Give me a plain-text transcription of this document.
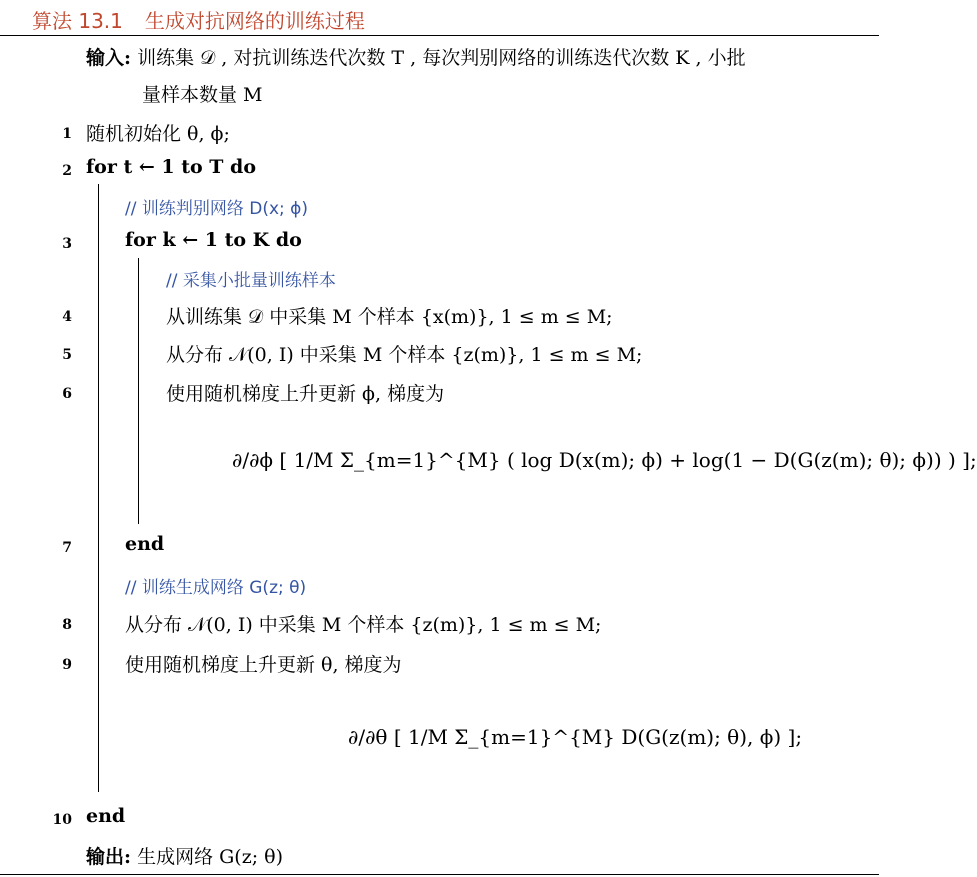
算法 13.1 生成对抗网络的训练过程
输入: 训练集 𝒟 , 对抗训练迭代次数 T , 每次判别网络的训练迭代次数 K , 小批
量样本数量 M
1 随机初始化 θ, ϕ;
2 for t ← 1 to T do
// 训练判别网络 D(x; ϕ)
3	for k ← 1 to K do
// 采集小批量训练样本
4	从训练集 𝒟 中采集 M 个样本 {x(m)}, 1 ≤ m ≤ M;
5	从分布 𝒩(0, I) 中采集 M 个样本 {z(m)}, 1 ≤ m ≤ M;
6	使用随机梯度上升更新 ϕ, 梯度为
∂/∂ϕ [ 1/M Σ_{m=1}^{M} ( log D(x(m); ϕ) + log(1 − D(G(z(m); θ); ϕ)) ) ];
7	end
// 训练生成网络 G(z; θ)
8	从分布 𝒩(0, I) 中采集 M 个样本 {z(m)}, 1 ≤ m ≤ M;
9	使用随机梯度上升更新 θ, 梯度为
∂/∂θ [ 1/M Σ_{m=1}^{M} D(G(z(m); θ), ϕ) ];
10 end
输出: 生成网络 G(z; θ)
